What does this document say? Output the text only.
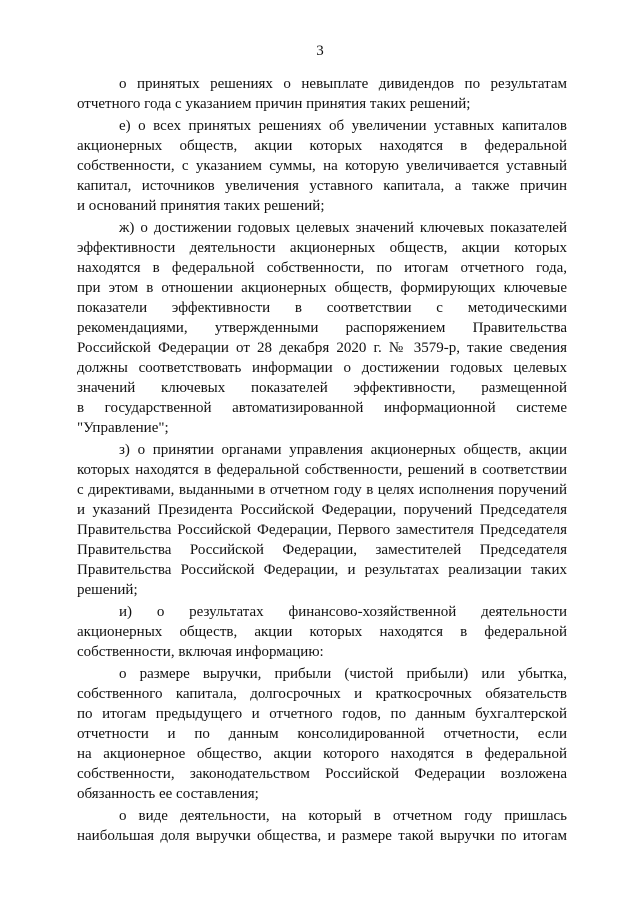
3
о принятых решениях о невыплате дивидендов по результатам
отчетного года с указанием причин принятия таких решений;
е) о всех принятых решениях об увеличении уставных капиталов
акционерных обществ, акции которых находятся в федеральной
собственности, с указанием суммы, на которую увеличивается уставный
капитал, источников увеличения уставного капитала, а также причин
и оснований принятия таких решений;
ж) о достижении годовых целевых значений ключевых показателей
эффективности деятельности акционерных обществ, акции которых
находятся в федеральной собственности, по итогам отчетного года,
при этом в отношении акционерных обществ, формирующих ключевые
показатели эффективности в соответствии с методическими
рекомендациями, утвержденными распоряжением Правительства
Российской Федерации от 28 декабря 2020 г. № 3579-р, такие сведения
должны соответствовать информации о достижении годовых целевых
значений ключевых показателей эффективности, размещенной
в государственной автоматизированной информационной системе
"Управление";
з) о принятии органами управления акционерных обществ, акции
которых находятся в федеральной собственности, решений в соответствии
с директивами, выданными в отчетном году в целях исполнения поручений
и указаний Президента Российской Федерации, поручений Председателя
Правительства Российской Федерации, Первого заместителя Председателя
Правительства Российской Федерации, заместителей Председателя
Правительства Российской Федерации, и результатах реализации таких
решений;
и) о результатах финансово-хозяйственной деятельности
акционерных обществ, акции которых находятся в федеральной
собственности, включая информацию:
о размере выручки, прибыли (чистой прибыли) или убытка,
собственного капитала, долгосрочных и краткосрочных обязательств
по итогам предыдущего и отчетного годов, по данным бухгалтерской
отчетности и по данным консолидированной отчетности, если
на акционерное общество, акции которого находятся в федеральной
собственности, законодательством Российской Федерации возложена
обязанность ее составления;
о виде деятельности, на который в отчетном году пришлась
наибольшая доля выручки общества, и размере такой выручки по итогам
